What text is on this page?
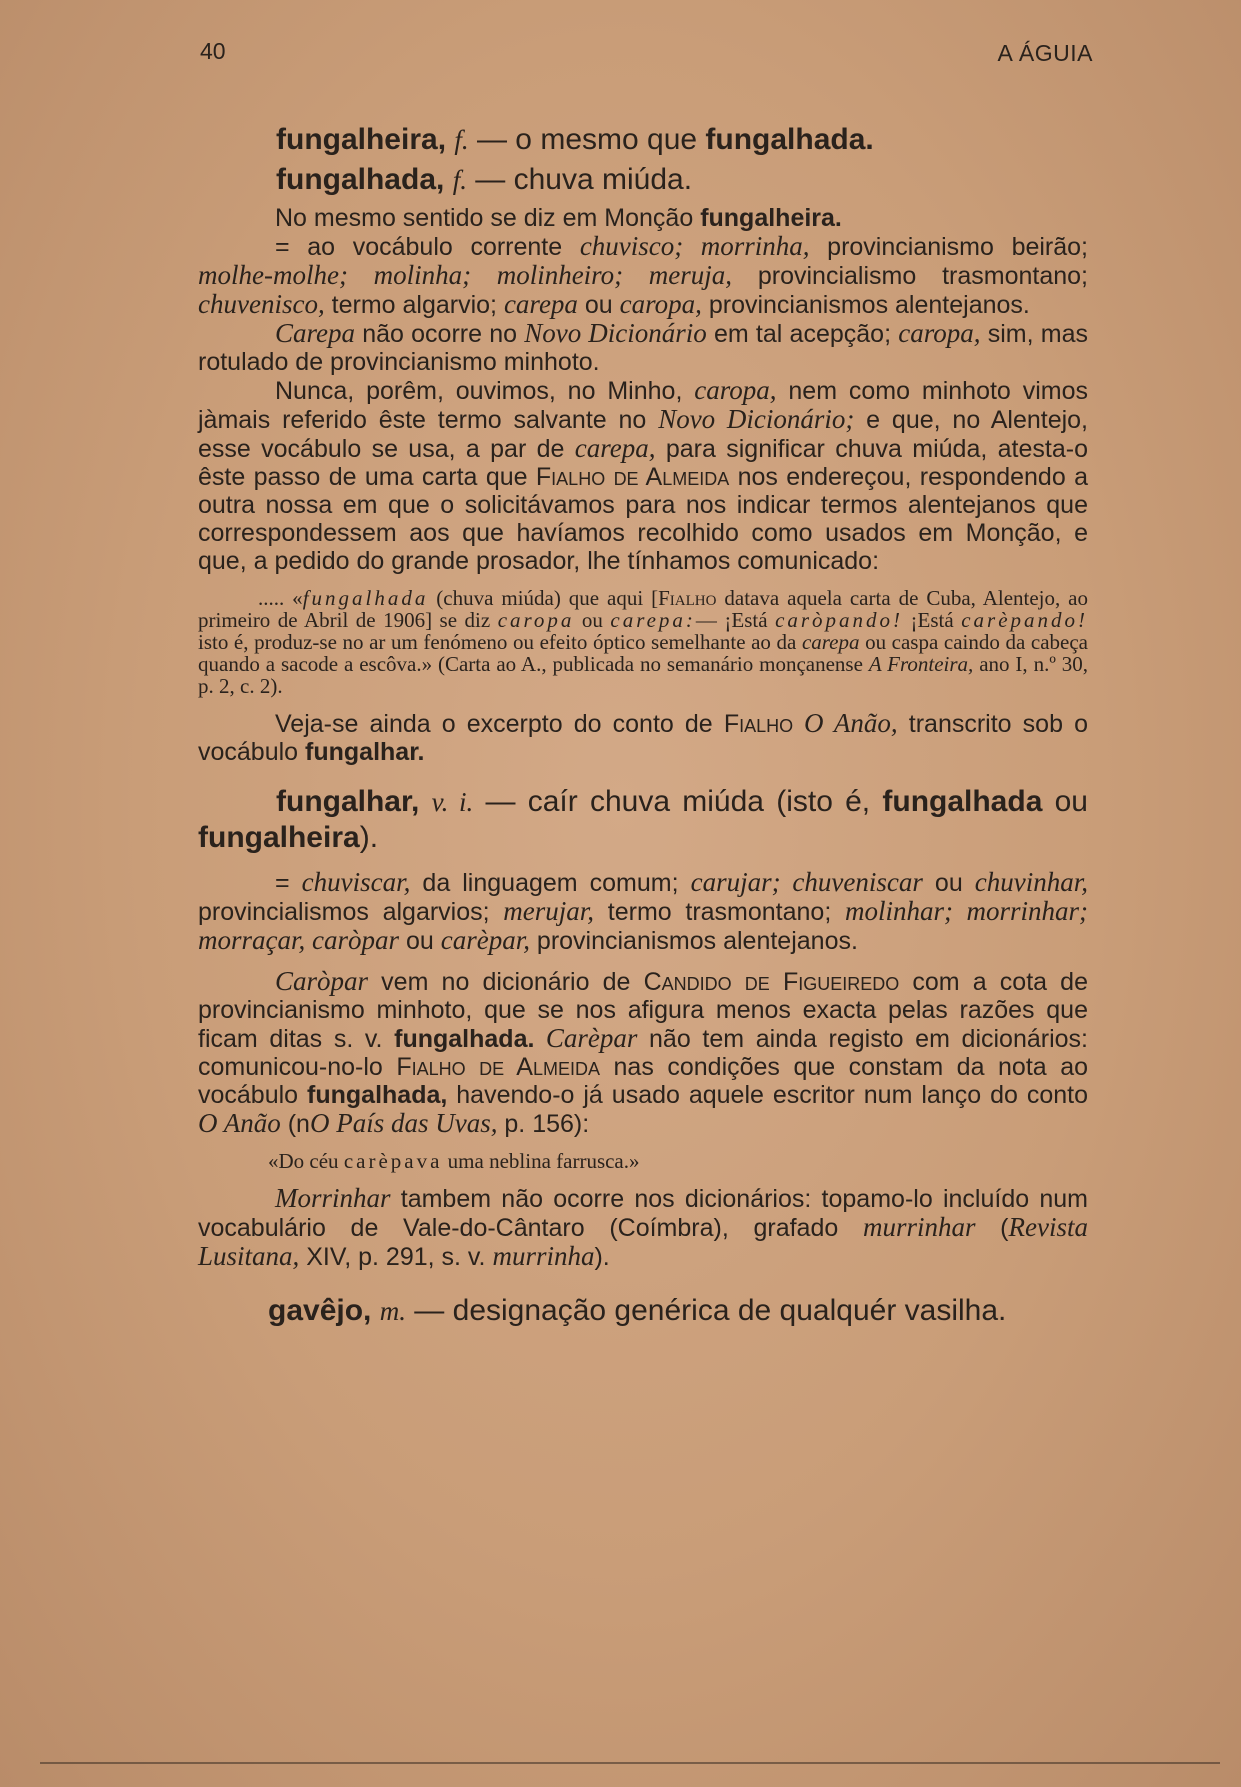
40	A ÁGUIA

fungalheira, f. — o mesmo que fungalhada.

fungalhada, f. — chuva miúda.

No mesmo sentido se diz em Monção fungalheira.

= ao vocábulo corrente chuvisco; morrinha, provincianismo beirão; molhe-molhe; molinha; molinheiro; meruja, provincialismo trasmontano; chuvenisco, termo algarvio; carepa ou caropa, provincianismos alentejanos.

Carepa não ocorre no Novo Dicionário em tal acepção; caropa, sim, mas rotulado de provincianismo minhoto.

Nunca, porêm, ouvimos, no Minho, caropa, nem como minhoto vimos jàmais referido êste termo salvante no Novo Dicionário; e que, no Alentejo, esse vocábulo se usa, a par de carepa, para significar chuva miúda, atesta-o êste passo de uma carta que Fialho de Almeida nos endereçou, respondendo a outra nossa em que o solicitávamos para nos indicar termos alentejanos que correspondessem aos que havíamos recolhido como usados em Monção, e que, a pedido do grande prosador, lhe tínhamos comunicado:

..... «fungalhada (chuva miúda) que aqui [Fialho datava aquela carta de Cuba, Alentejo, ao primeiro de Abril de 1906] se diz caropa ou carepa:— ¡Está caròpando! ¡Está carèpando! isto é, produz-se no ar um fenómeno ou efeito óptico semelhante ao da carepa ou caspa caindo da cabeça quando a sacode a escôva.» (Carta ao A., publicada no semanário monçanense A Fronteira, ano I, n.º 30, p. 2, c. 2).

Veja-se ainda o excerpto do conto de Fialho O Anão, transcrito sob o vocábulo fungalhar.

fungalhar, v. i. — caír chuva miúda (isto é, fungalhada ou fungalheira).

= chuviscar, da linguagem comum; carujar; chuveniscar ou chuvinhar, provincialismos algarvios; merujar, termo trasmontano; molinhar; morrinhar; morraçar, caròpar ou carèpar, provincianismos alentejanos.

Caròpar vem no dicionário de Candido de Figueiredo com a cota de provincianismo minhoto, que se nos afigura menos exacta pelas razões que ficam ditas s. v. fungalhada. Carèpar não tem ainda registo em dicionários: comunicou-no-lo Fialho de Almeida nas condições que constam da nota ao vocábulo fungalhada, havendo-o já usado aquele escritor num lanço do conto O Anão (nO País das Uvas, p. 156):

«Do céu carèpava uma neblina farrusca.»

Morrinhar tambem não ocorre nos dicionários: topamo-lo incluído num vocabulário de Vale-do-Cântaro (Coímbra), grafado murrinhar (Revista Lusitana, XIV, p. 291, s. v. murrinha).

gavêjo, m. — designação genérica de qualquér vasilha.
